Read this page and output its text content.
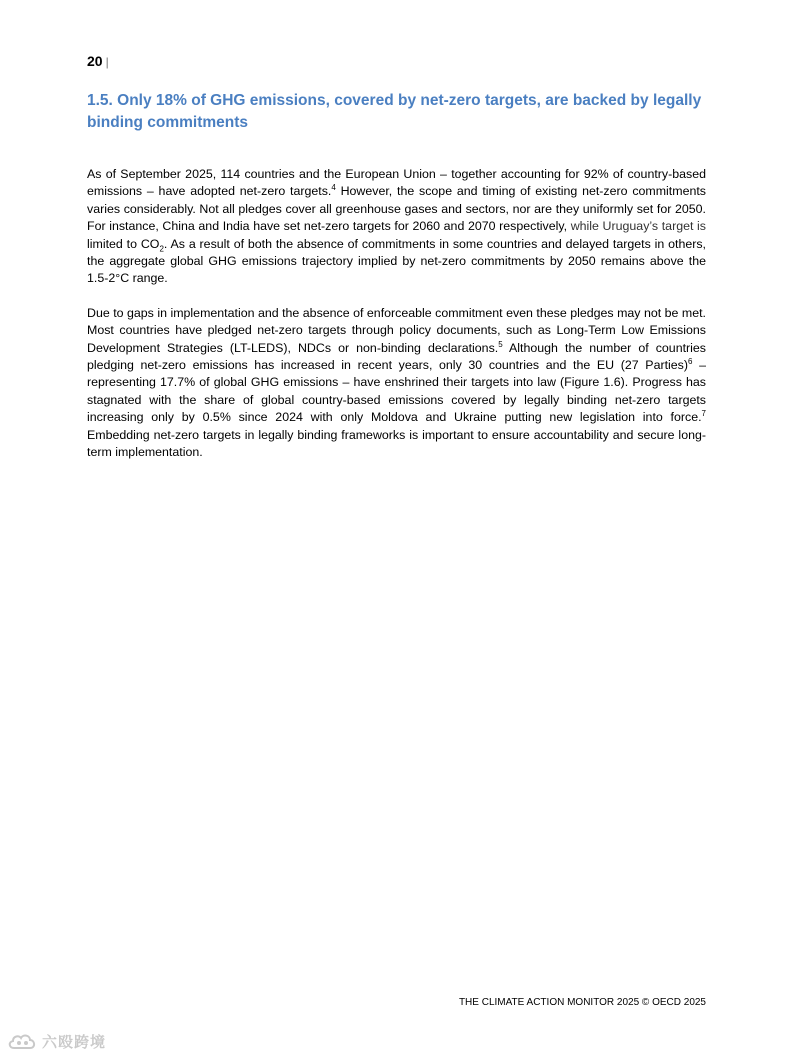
20 |
1.5. Only 18% of GHG emissions, covered by net-zero targets, are backed by legally binding commitments

As of September 2025, 114 countries and the European Union – together accounting for 92% of country-based emissions – have adopted net-zero targets.$^4$ However, the scope and timing of existing net-zero commitments varies considerably. Not all pledges cover all greenhouse gases and sectors, nor are they uniformly set for 2050. For instance, China and India have set net-zero targets for 2060 and 2070 respectively, while Uruguay’s target is limited to $CO_2$. As a result of both the absence of commitments in some countries and delayed targets in others, the aggregate global GHG emissions trajectory implied by net-zero commitments by 2050 remains above the 1.5-2°C range.

Due to gaps in implementation and the absence of enforceable commitment even these pledges may not be met. Most countries have pledged net-zero targets through policy documents, such as Long-Term Low Emissions Development Strategies (LT-LEDS), NDCs or non-binding declarations.$^5$ Although the number of countries pledging net-zero emissions has increased in recent years, only 30 countries and the EU (27 Parties)$^6$ – representing 17.7% of global GHG emissions – have enshrined their targets into law (Figure 1.6). Progress has stagnated with the share of global country-based emissions covered by legally binding net-zero targets increasing only by 0.5% since 2024 with only Moldova and Ukraine putting new legislation into force.$^7$ Embedding net-zero targets in legally binding frameworks is important to ensure accountability and secure long-term implementation.

THE CLIMATE ACTION MONITOR 2025 © OECD 2025
六殴跨境
